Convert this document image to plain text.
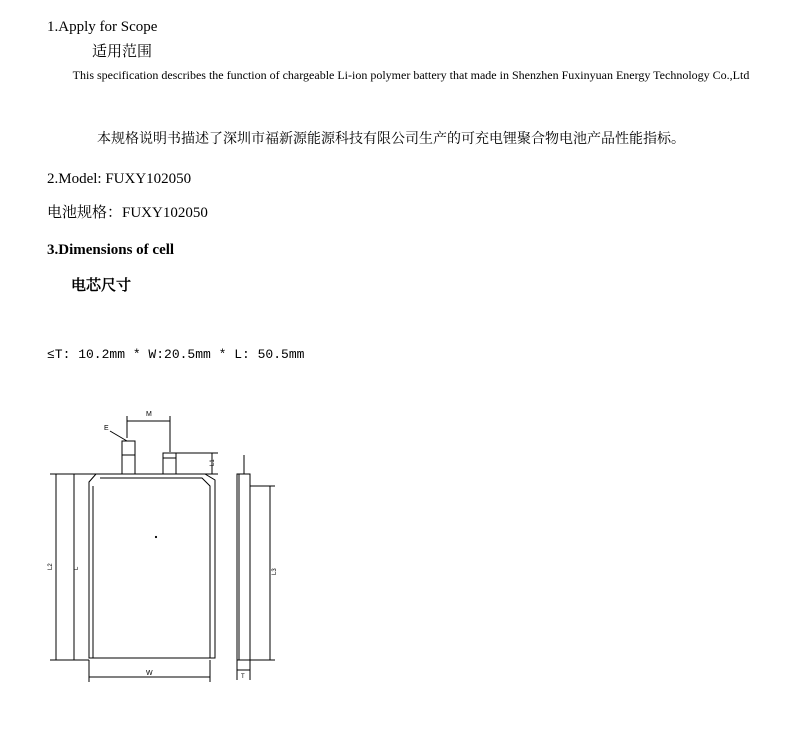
1.Apply for Scope
适用范围
This specification describes the function of chargeable Li-ion polymer battery that made in Shenzhen Fuxinyuan Energy Technology Co.,Ltd
本规格说明书描述了深圳市福新源能源科技有限公司生产的可充电锂聚合物电池产品性能指标。
2.Model: FUXY102050
电池规格：FUXY102050
3.Dimensions of cell
电芯尺寸
≤T: 10.2mm * W:20.5mm * L: 50.5mm
M
E
L1
L2	L
W
L3
T
